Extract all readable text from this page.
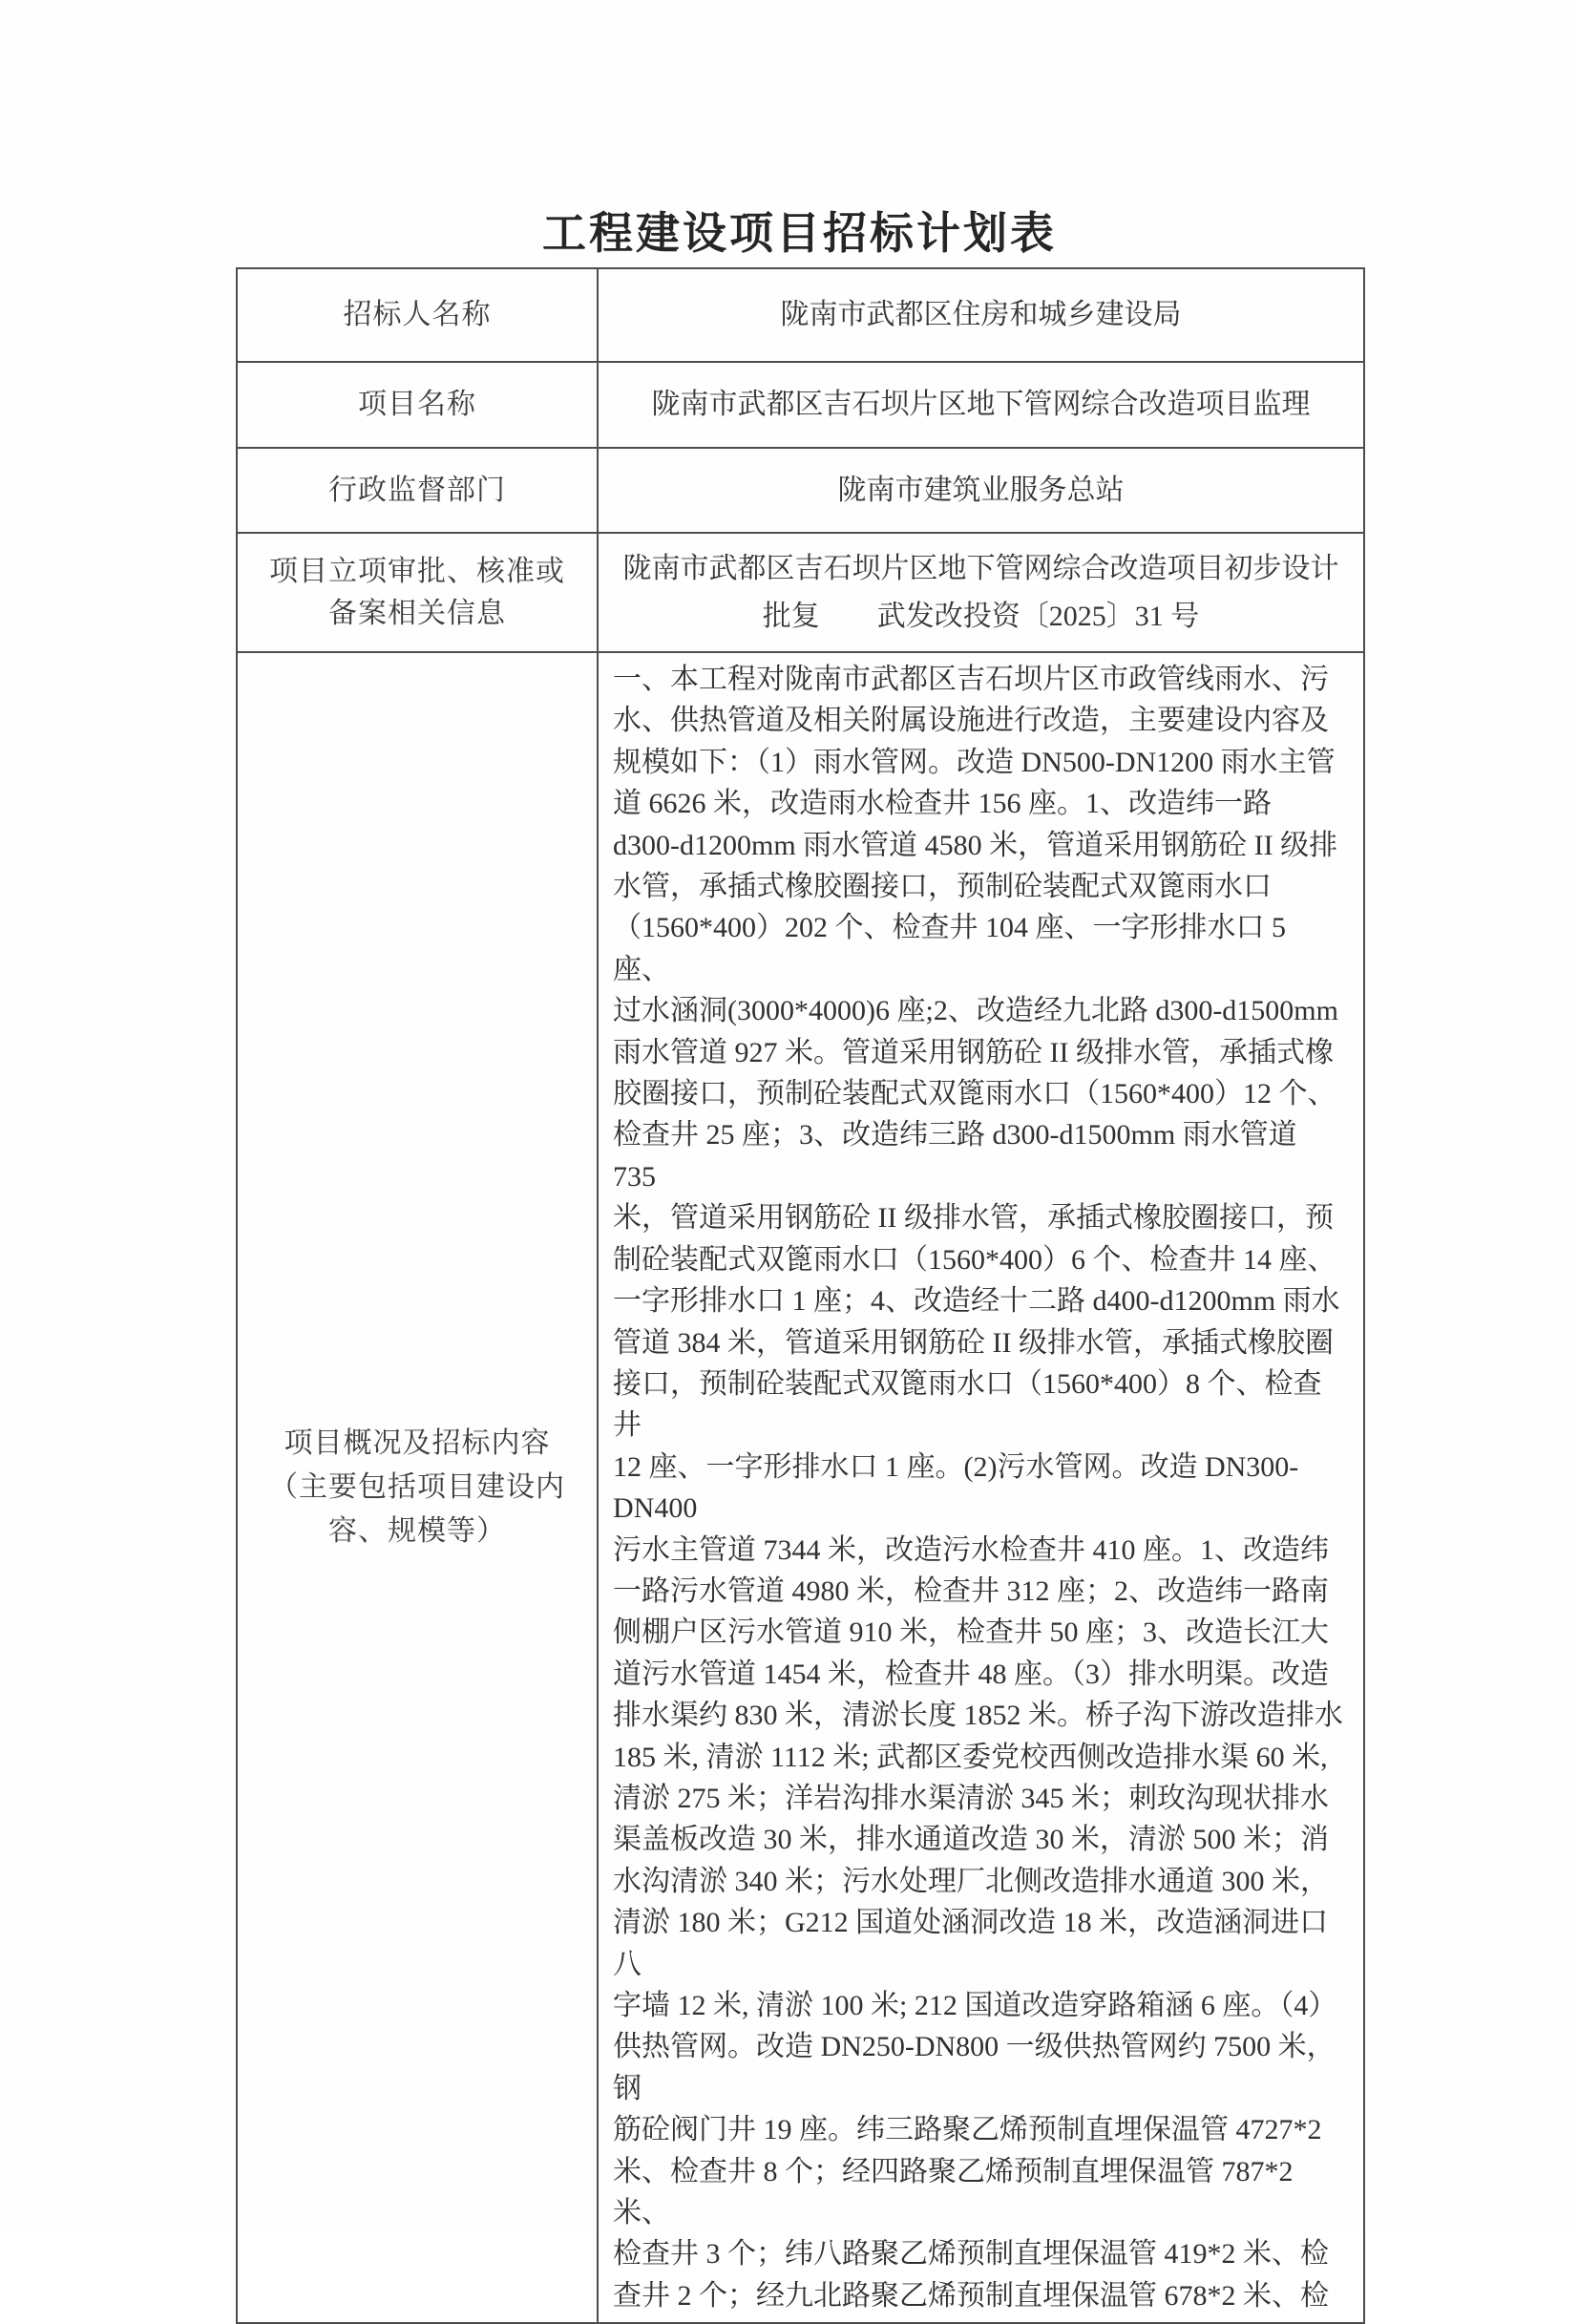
工程建设项目招标计划表
招标人名称	陇南市武都区住房和城乡建设局

项目名称	陇南市武都区吉石坝片区地下管网综合改造项目监理

行政监督部门	陇南市建筑业服务总站

项目立项审批、核准或备案相关信息	陇南市武都区吉石坝片区地下管网综合改造项目初步设计
批复　　武发改投资〔2025〕31 号

项目概况及招标内容（主要包括项目建设内容、规模等）

一、本工程对陇南市武都区吉石坝片区市政管线雨水、污
水、供热管道及相关附属设施进行改造，主要建设内容及
规模如下：（1）雨水管网。改造 DN500-DN1200 雨水主管
道 6626 米，改造雨水检查井 156 座。1、改造纬一路
d300-d1200mm 雨水管道 4580 米，管道采用钢筋砼 II 级排
水管，承插式橡胶圈接口，预制砼装配式双篦雨水口
（1560*400）202 个、检查井 104 座、一字形排水口 5 座、
过水涵洞(3000*4000)6 座;2、改造经九北路 d300-d1500mm
雨水管道 927 米。管道采用钢筋砼 II 级排水管，承插式橡
胶圈接口，预制砼装配式双篦雨水口（1560*400）12 个、
检查井 25 座；3、改造纬三路 d300-d1500mm 雨水管道 735
米，管道采用钢筋砼 II 级排水管，承插式橡胶圈接口，预
制砼装配式双篦雨水口（1560*400）6 个、检查井 14 座、
一字形排水口 1 座；4、改造经十二路 d400-d1200mm 雨水
管道 384 米，管道采用钢筋砼 II 级排水管，承插式橡胶圈
接口，预制砼装配式双篦雨水口（1560*400）8 个、检查井
12 座、一字形排水口 1 座。(2)污水管网。改造 DN300-DN400
污水主管道 7344 米，改造污水检查井 410 座。1、改造纬
一路污水管道 4980 米，检查井 312 座；2、改造纬一路南
侧棚户区污水管道 910 米，检查井 50 座；3、改造长江大
道污水管道 1454 米，检查井 48 座。（3）排水明渠。改造
排水渠约 830 米，清淤长度 1852 米。桥子沟下游改造排水
185 米, 清淤 1112 米; 武都区委党校西侧改造排水渠 60 米,
清淤 275 米；洋岩沟排水渠清淤 345 米；刺玫沟现状排水
渠盖板改造 30 米，排水通道改造 30 米，清淤 500 米；消
水沟清淤 340 米；污水处理厂北侧改造排水通道 300 米，
清淤 180 米；G212 国道处涵洞改造 18 米，改造涵洞进口八
字墙 12 米, 清淤 100 米; 212 国道改造穿路箱涵 6 座。（4）
供热管网。改造 DN250-DN800 一级供热管网约 7500 米，钢
筋砼阀门井 19 座。纬三路聚乙烯预制直埋保温管 4727*2
米、检查井 8 个；经四路聚乙烯预制直埋保温管 787*2 米、
检查井 3 个；纬八路聚乙烯预制直埋保温管 419*2 米、检
查井 2 个；经九北路聚乙烯预制直埋保温管 678*2 米、检
